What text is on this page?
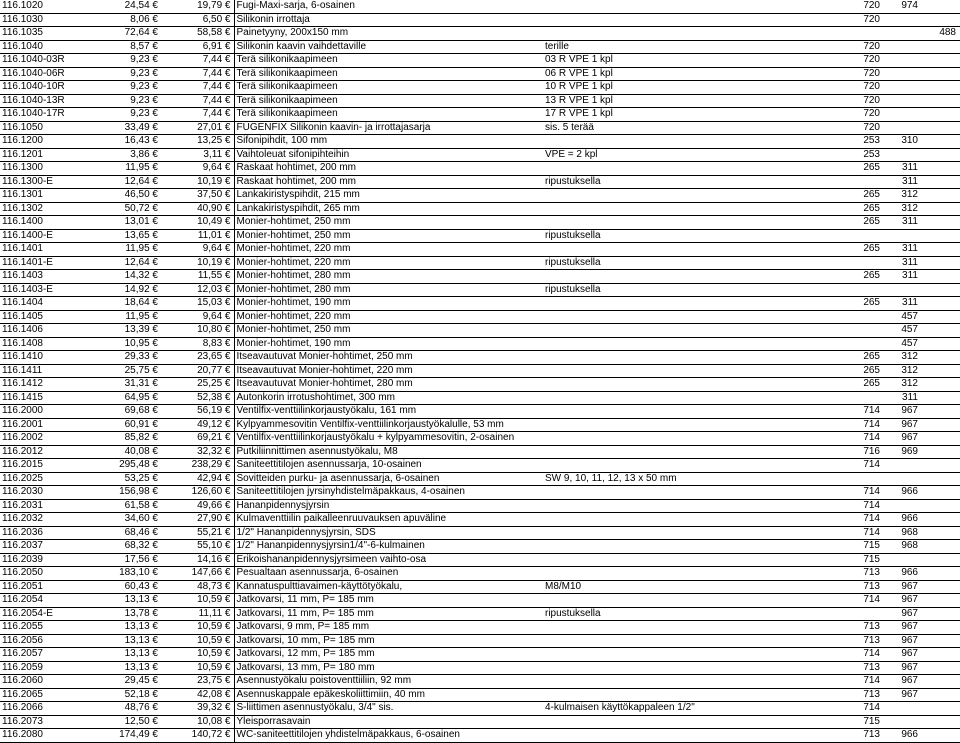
116.1020	24,54 €	19,79 €	Fugi-Maxi-sarja, 6-osainen		720	974	
116.1030	8,06 €	6,50 €	Silikonin irrottaja		720		
116.1035	72,64 €	58,58 €	Painetyyny, 200x150 mm				488
116.1040	8,57 €	6,91 €	Silikonin kaavin vaihdettaville	terille	720		
116.1040-03R	9,23 €	7,44 €	Terä silikonikaapimeen	03 R VPE 1 kpl	720		
116.1040-06R	9,23 €	7,44 €	Terä silikonikaapimeen	06 R VPE 1 kpl	720		
116.1040-10R	9,23 €	7,44 €	Terä silikonikaapimeen	10 R VPE 1 kpl	720		
116.1040-13R	9,23 €	7,44 €	Terä silikonikaapimeen	13 R VPE 1 kpl	720		
116.1040-17R	9,23 €	7,44 €	Terä silikonikaapimeen	17 R VPE 1 kpl	720		
116.1050	33,49 €	27,01 €	FUGENFIX Silikonin kaavin- ja irrottajasarja	sis. 5 terää	720		
116.1200	16,43 €	13,25 €	Sifonipihdit, 100 mm		253	310	
116.1201	3,86 €	3,11 €	Vaihtoleuat sifonipihteihin	VPE = 2 kpl	253		
116.1300	11,95 €	9,64 €	Raskaat hohtimet, 200 mm		265	311	
116.1300-E	12,64 €	10,19 €	Raskaat hohtimet, 200 mm	ripustuksella		311	
116.1301	46,50 €	37,50 €	Lankakiristyspihdit, 215 mm		265	312	
116.1302	50,72 €	40,90 €	Lankakiristyspihdit, 265 mm		265	312	
116.1400	13,01 €	10,49 €	Monier-hohtimet, 250 mm		265	311	
116.1400-E	13,65 €	11,01 €	Monier-hohtimet, 250 mm	ripustuksella			
116.1401	11,95 €	9,64 €	Monier-hohtimet, 220 mm		265	311	
116.1401-E	12,64 €	10,19 €	Monier-hohtimet, 220 mm	ripustuksella		311	
116.1403	14,32 €	11,55 €	Monier-hohtimet, 280 mm		265	311	
116.1403-E	14,92 €	12,03 €	Monier-hohtimet, 280 mm	ripustuksella			
116.1404	18,64 €	15,03 €	Monier-hohtimet, 190 mm		265	311	
116.1405	11,95 €	9,64 €	Monier-hohtimet, 220 mm			457	
116.1406	13,39 €	10,80 €	Monier-hohtimet, 250 mm			457	
116.1408	10,95 €	8,83 €	Monier-hohtimet, 190 mm			457	
116.1410	29,33 €	23,65 €	Itseavautuvat Monier-hohtimet, 250 mm		265	312	
116.1411	25,75 €	20,77 €	Itseavautuvat Monier-hohtimet, 220 mm		265	312	
116.1412	31,31 €	25,25 €	Itseavautuvat Monier-hohtimet, 280 mm		265	312	
116.1415	64,95 €	52,38 €	Autonkorin irrotushohtimet, 300 mm			311	
116.2000	69,68 €	56,19 €	Ventilfix-venttiilinkorjaustyökalu, 161 mm		714	967	
116.2001	60,91 €	49,12 €	Kylpyammesovitin Ventilfix-venttiilinkorjaustyökalulle, 53 mm		714	967	
116.2002	85,82 €	69,21 €	Ventilfix-venttiilinkorjaustyökalu + kylpyammesovitin, 2-osainen		714	967	
116.2012	40,08 €	32,32 €	Putkiliinnittimen asennustyökalu, M8		716	969	
116.2015	295,48 €	238,29 €	Saniteettitilojen asennussarja, 10-osainen		714		
116.2025	53,25 €	42,94 €	Sovitteiden purku- ja asennussarja, 6-osainen	SW 9, 10, 11, 12, 13 x 50 mm			
116.2030	156,98 €	126,60 €	Saniteettitilojen jyrsinyhdistelmäpakkaus, 4-osainen		714	966	
116.2031	61,58 €	49,66 €	Hananpidennysjyrsin		714		
116.2032	34,60 €	27,90 €	Kulmaventtiilin paikalleenruuvauksen apuväline		714	966	
116.2036	68,46 €	55,21 €	1/2" Hananpidennysjyrsin, SDS		714	968	
116.2037	68,32 €	55,10 €	1/2" Hananpidennysjyrsin1/4"-6-kulmainen		715	968	
116.2039	17,56 €	14,16 €	Erikoishananpidennysjyrsimeen vaihto-osa		715		
116.2050	183,10 €	147,66 €	Pesualtaan asennussarja, 6-osainen		713	966	
116.2051	60,43 €	48,73 €	Kannatuspulttiavaimen-käyttötyökalu,	M8/M10	713	967	
116.2054	13,13 €	10,59 €	Jatkovarsi, 11 mm, P= 185 mm		714	967	
116.2054-E	13,78 €	11,11 €	Jatkovarsi, 11 mm, P= 185 mm	ripustuksella		967	
116.2055	13,13 €	10,59 €	Jatkovarsi, 9 mm, P= 185 mm		713	967	
116.2056	13,13 €	10,59 €	Jatkovarsi, 10 mm, P= 185 mm		713	967	
116.2057	13,13 €	10,59 €	Jatkovarsi, 12 mm, P= 185 mm		714	967	
116.2059	13,13 €	10,59 €	Jatkovarsi, 13 mm, P= 180 mm		713	967	
116.2060	29,45 €	23,75 €	Asennustyökalu poistoventtiiliin, 92 mm		714	967	
116.2065	52,18 €	42,08 €	Asennuskappale epäkeskoliittimiin, 40 mm		713	967	
116.2066	48,76 €	39,32 €	S-liittimen asennustyökalu, 3/4" sis.	4-kulmaisen käyttökappaleen 1/2"	714		
116.2073	12,50 €	10,08 €	Yleisporrasavain		715		
116.2080	174,49 €	140,72 €	WC-saniteettitilojen yhdistelmäpakkaus, 6-osainen		713	966	
